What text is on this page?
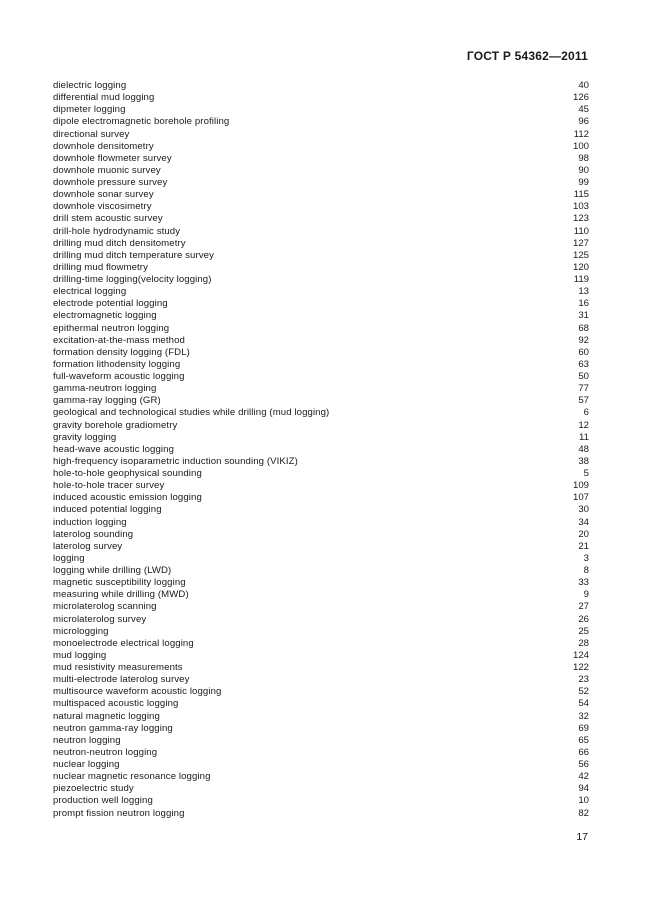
ГОСТ Р 54362—2011
dielectric logging	40
differential mud logging	126
dipmeter logging	45
dipole electromagnetic borehole profiling	96
directional survey	112
downhole densitometry	100
downhole flowmeter survey	98
downhole muonic survey	90
downhole pressure survey	99
downhole sonar survey	115
downhole viscosimetry	103
drill stem acoustic survey	123
drill-hole hydrodynamic study	110
drilling mud ditch densitometry	127
drilling mud ditch temperature survey	125
drilling mud flowmetry	120
drilling-time logging(velocity logging)	119
electrical logging	13
electrode potential logging	16
electromagnetic logging	31
epithermal neutron logging	68
excitation-at-the-mass method	92
formation density logging (FDL)	60
formation lithodensity logging	63
full-waveform acoustic logging	50
gamma-neutron logging	77
gamma-ray logging (GR)	57
geological and technological studies while drilling (mud logging)	6
gravity borehole gradiometry	12
gravity logging	11
head-wave acoustic logging	48
high-frequency isoparametric induction sounding (VIKIZ)	38
hole-to-hole geophysical sounding	5
hole-to-hole tracer survey	109
induced acoustic emission logging	107
induced potential logging	30
induction logging	34
laterolog sounding	20
laterolog survey	21
logging	3
logging while drilling (LWD)	8
magnetic susceptibility logging	33
measuring while drilling (MWD)	9
microlaterolog scanning	27
microlaterolog survey	26
micrologging	25
monoelectrode electrical logging	28
mud logging	124
mud resistivity measurements	122
multi-electrode laterolog survey	23
multisource waveform acoustic logging	52
multispaced acoustic logging	54
natural magnetic logging	32
neutron gamma-ray logging	69
neutron logging	65
neutron-neutron logging	66
nuclear logging	56
nuclear magnetic resonance logging	42
piezoelectric study	94
production well logging	10
prompt fission neutron logging	82
17
